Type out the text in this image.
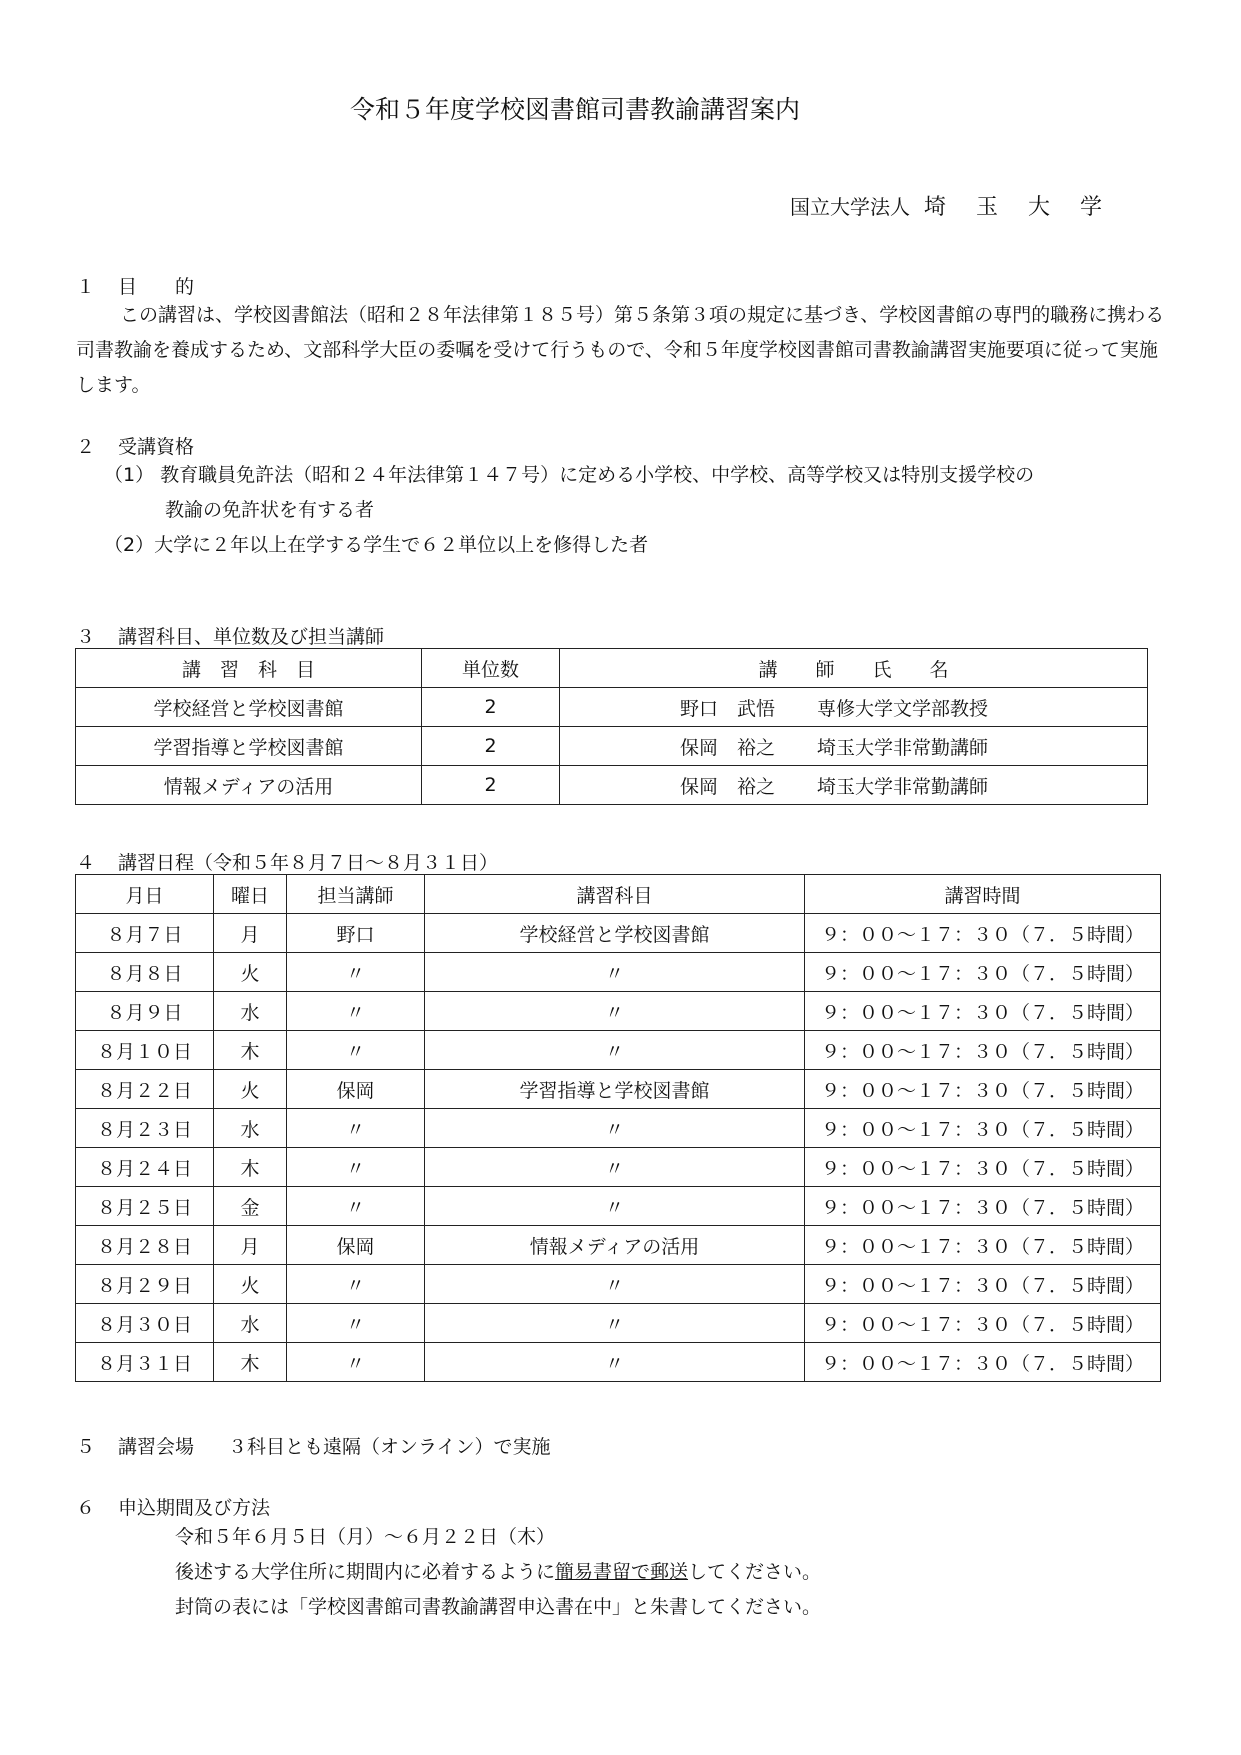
令和５年度学校図書館司書教諭講習案内
国立大学法人 埼玉大学
１ 目　　的
この講習は、学校図書館法（昭和２８年法律第１８５号）第５条第３項の規定に基づき、学校図書館の専門的職務に携わる司書教諭を養成するため、文部科学大臣の委嘱を受けて行うもので、令和５年度学校図書館司書教諭講習実施要項に従って実施します。
２ 受講資格
（1） 教育職員免許法（昭和２４年法律第１４７号）に定める小学校、中学校、高等学校又は特別支援学校の
教諭の免許状を有する者
（2）大学に２年以上在学する学生で６２単位以上を修得した者
３ 講習科目、単位数及び担当講師
講　習　科　目	単位数	講　　師　　氏　　名
学校経営と学校図書館	2	野口　武悟 専修大学文学部教授
学習指導と学校図書館	2	保岡　裕之 埼玉大学非常勤講師
情報メディアの活用	2	保岡　裕之 埼玉大学非常勤講師
４ 講習日程（令和５年８月７日～８月３１日）
月日	曜日	担当講師	講習科目	講習時間
８月７日	月	野口	学校経営と学校図書館	９：００～１７：３０（７．５時間）
８月８日	火	〃	〃	９：００～１７：３０（７．５時間）
８月９日	水	〃	〃	９：００～１７：３０（７．５時間）
８月１０日	木	〃	〃	９：００～１７：３０（７．５時間）
８月２２日	火	保岡	学習指導と学校図書館	９：００～１７：３０（７．５時間）
８月２３日	水	〃	〃	９：００～１７：３０（７．５時間）
８月２４日	木	〃	〃	９：００～１７：３０（７．５時間）
８月２５日	金	〃	〃	９：００～１７：３０（７．５時間）
８月２８日	月	保岡	情報メディアの活用	９：００～１７：３０（７．５時間）
８月２９日	火	〃	〃	９：００～１７：３０（７．５時間）
８月３０日	水	〃	〃	９：００～１７：３０（７．５時間）
８月３１日	木	〃	〃	９：００～１７：３０（７．５時間）
５ 講習会場 ３科目とも遠隔（オンライン）で実施
６ 申込期間及び方法
令和５年６月５日（月）～６月２２日（木）
後述する大学住所に期間内に必着するように簡易書留で郵送してください。
封筒の表には「学校図書館司書教諭講習申込書在中」と朱書してください。
